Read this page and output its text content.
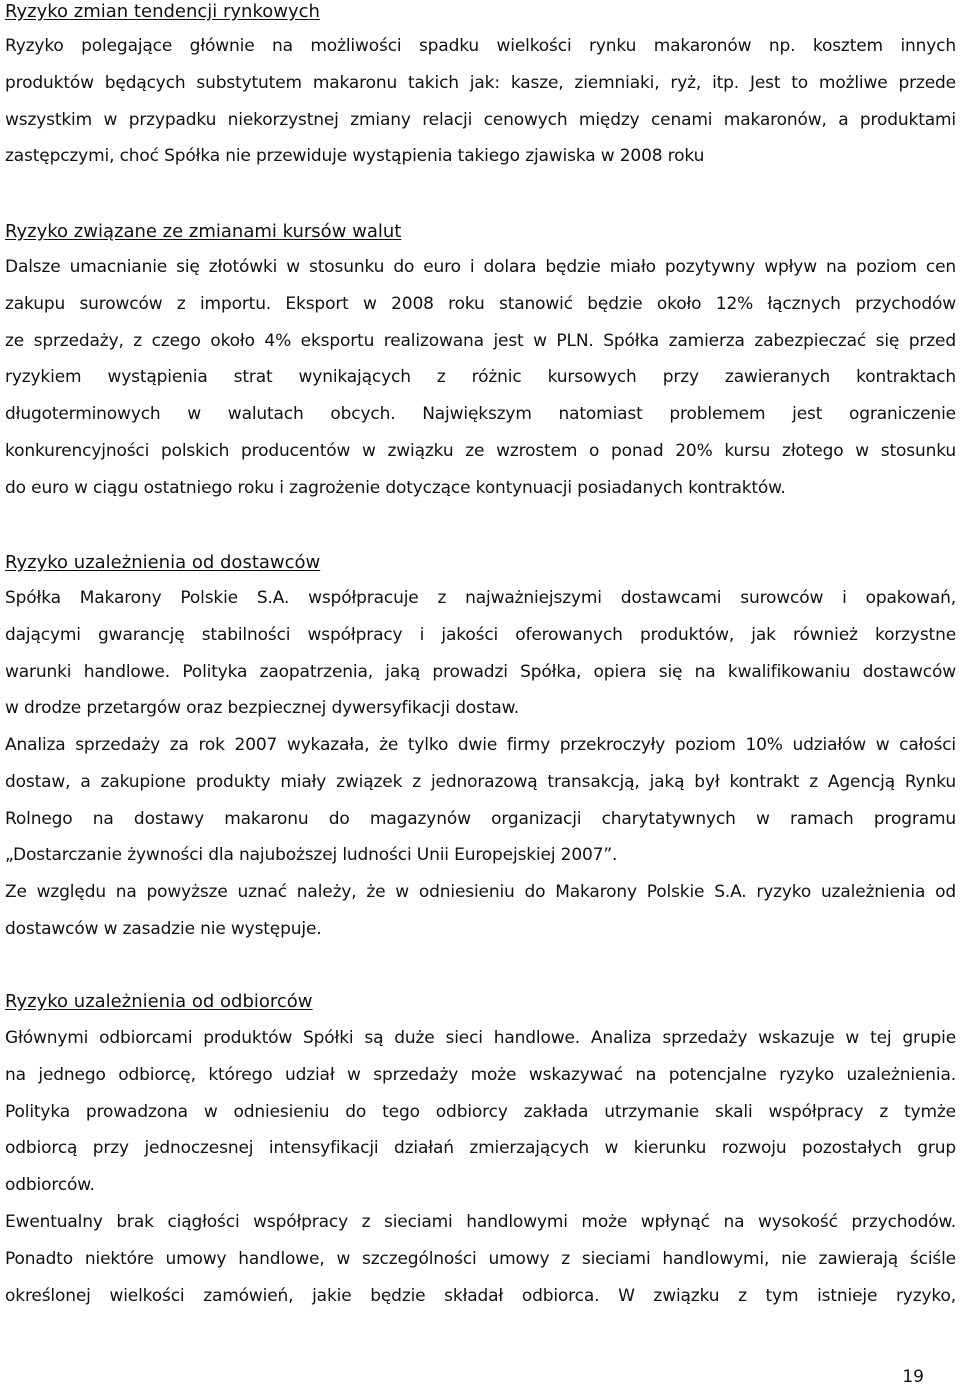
Ryzyko zmian tendencji rynkowych

Ryzyko polegające głównie na możliwości spadku wielkości rynku makaronów np. kosztem innych
produktów będących substytutem makaronu takich jak: kasze, ziemniaki, ryż, itp. Jest to możliwe przede
wszystkim w przypadku niekorzystnej zmiany relacji cenowych między cenami makaronów, a produktami
zastępczymi, choć Spółka nie przewiduje wystąpienia takiego zjawiska w 2008 roku

Ryzyko związane ze zmianami kursów walut

Dalsze umacnianie się złotówki w stosunku do euro i dolara będzie miało pozytywny wpływ na poziom cen
zakupu surowców z importu. Eksport w 2008 roku stanowić będzie około 12% łącznych przychodów
ze sprzedaży, z czego około 4% eksportu realizowana jest w PLN. Spółka zamierza zabezpieczać się przed
ryzykiem wystąpienia strat wynikających z różnic kursowych przy zawieranych kontraktach
długoterminowych w walutach obcych. Największym natomiast problemem jest ograniczenie
konkurencyjności polskich producentów w związku ze wzrostem o ponad 20% kursu złotego w stosunku
do euro w ciągu ostatniego roku i zagrożenie dotyczące kontynuacji posiadanych kontraktów.

Ryzyko uzależnienia od dostawców

Spółka Makarony Polskie S.A. współpracuje z najważniejszymi dostawcami surowców i opakowań,
dającymi gwarancję stabilności współpracy i jakości oferowanych produktów, jak również korzystne
warunki handlowe. Polityka zaopatrzenia, jaką prowadzi Spółka, opiera się na kwalifikowaniu dostawców
w drodze przetargów oraz bezpiecznej dywersyfikacji dostaw.

Analiza sprzedaży za rok 2007 wykazała, że tylko dwie firmy przekroczyły poziom 10% udziałów w całości
dostaw, a zakupione produkty miały związek z jednorazową transakcją, jaką był kontrakt z Agencją Rynku
Rolnego na dostawy makaronu do magazynów organizacji charytatywnych w ramach programu
„Dostarczanie żywności dla najuboższej ludności Unii Europejskiej 2007”.

Ze względu na powyższe uznać należy, że w odniesieniu do Makarony Polskie S.A. ryzyko uzależnienia od
dostawców w zasadzie nie występuje.

Ryzyko uzależnienia od odbiorców

Głównymi odbiorcami produktów Spółki są duże sieci handlowe. Analiza sprzedaży wskazuje w tej grupie
na jednego odbiorcę, którego udział w sprzedaży może wskazywać na potencjalne ryzyko uzależnienia.
Polityka prowadzona w odniesieniu do tego odbiorcy zakłada utrzymanie skali współpracy z tymże
odbiorcą przy jednoczesnej intensyfikacji działań zmierzających w kierunku rozwoju pozostałych grup
odbiorców.

Ewentualny brak ciągłości współpracy z sieciami handlowymi może wpłynąć na wysokość przychodów.
Ponadto niektóre umowy handlowe, w szczególności umowy z sieciami handlowymi, nie zawierają ściśle
określonej wielkości zamówień, jakie będzie składał odbiorca. W związku z tym istnieje ryzyko,

19
